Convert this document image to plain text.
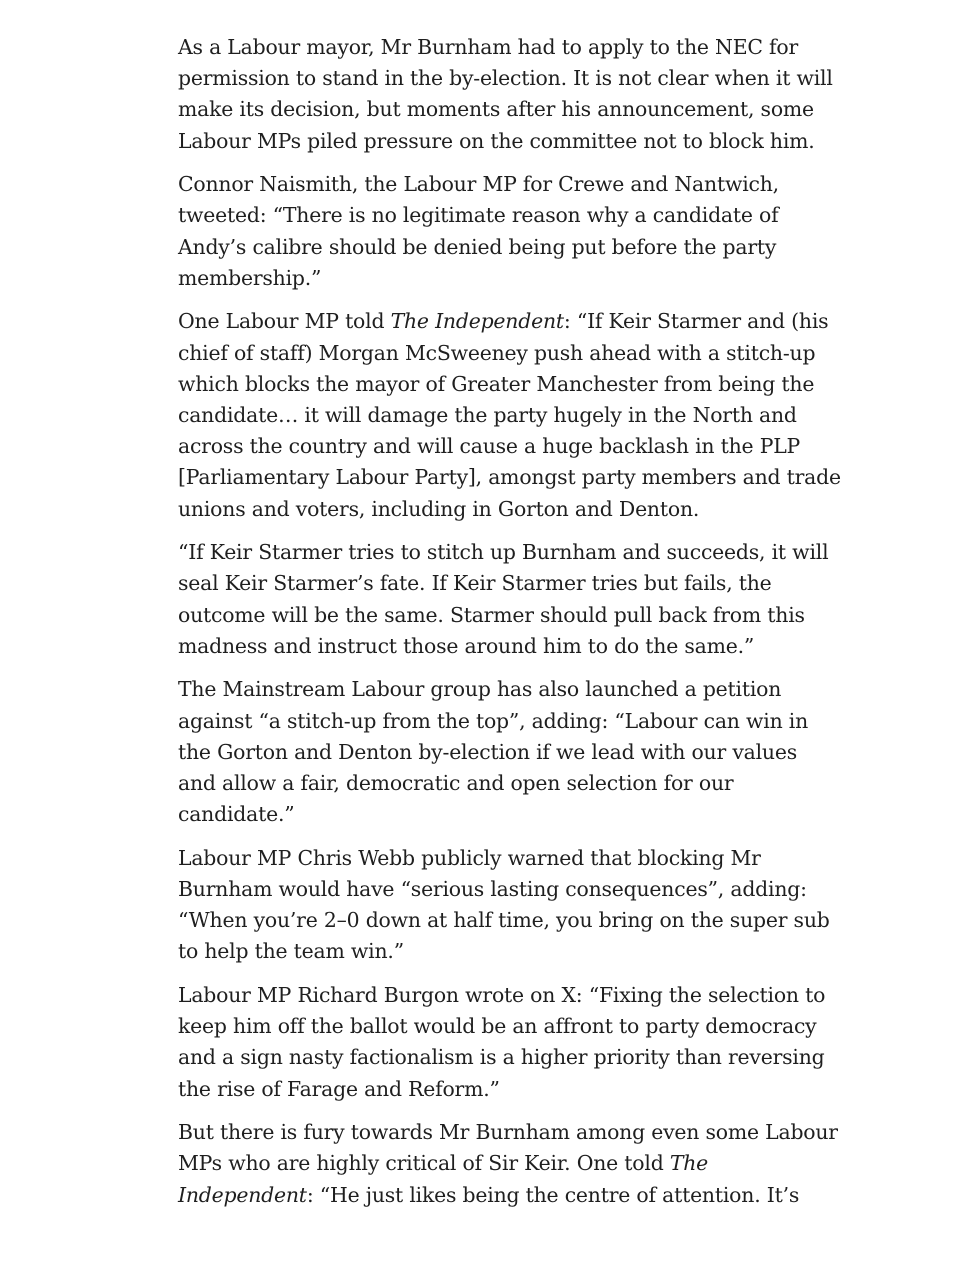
As a Labour mayor, Mr Burnham had to apply to the NEC for
permission to stand in the by-election. It is not clear when it will
make its decision, but moments after his announcement, some
Labour MPs piled pressure on the committee not to block him.

Connor Naismith, the Labour MP for Crewe and Nantwich,
tweeted: “There is no legitimate reason why a candidate of
Andy’s calibre should be denied being put before the party
membership.”

One Labour MP told The Independent: “If Keir Starmer and (his
chief of staff) Morgan McSweeney push ahead with a stitch-up
which blocks the mayor of Greater Manchester from being the
candidate… it will damage the party hugely in the North and
across the country and will cause a huge backlash in the PLP
[Parliamentary Labour Party], amongst party members and trade
unions and voters, including in Gorton and Denton.

“If Keir Starmer tries to stitch up Burnham and succeeds, it will
seal Keir Starmer’s fate. If Keir Starmer tries but fails, the
outcome will be the same. Starmer should pull back from this
madness and instruct those around him to do the same.”

The Mainstream Labour group has also launched a petition
against “a stitch-up from the top”, adding: “Labour can win in
the Gorton and Denton by-election if we lead with our values
and allow a fair, democratic and open selection for our
candidate.”

Labour MP Chris Webb publicly warned that blocking Mr
Burnham would have “serious lasting consequences”, adding:
“When you’re 2–0 down at half time, you bring on the super sub
to help the team win.”

Labour MP Richard Burgon wrote on X: “Fixing the selection to
keep him off the ballot would be an affront to party democracy
and a sign nasty factionalism is a higher priority than reversing
the rise of Farage and Reform.”

But there is fury towards Mr Burnham among even some Labour
MPs who are highly critical of Sir Keir. One told The
Independent: “He just likes being the centre of attention. It’s
